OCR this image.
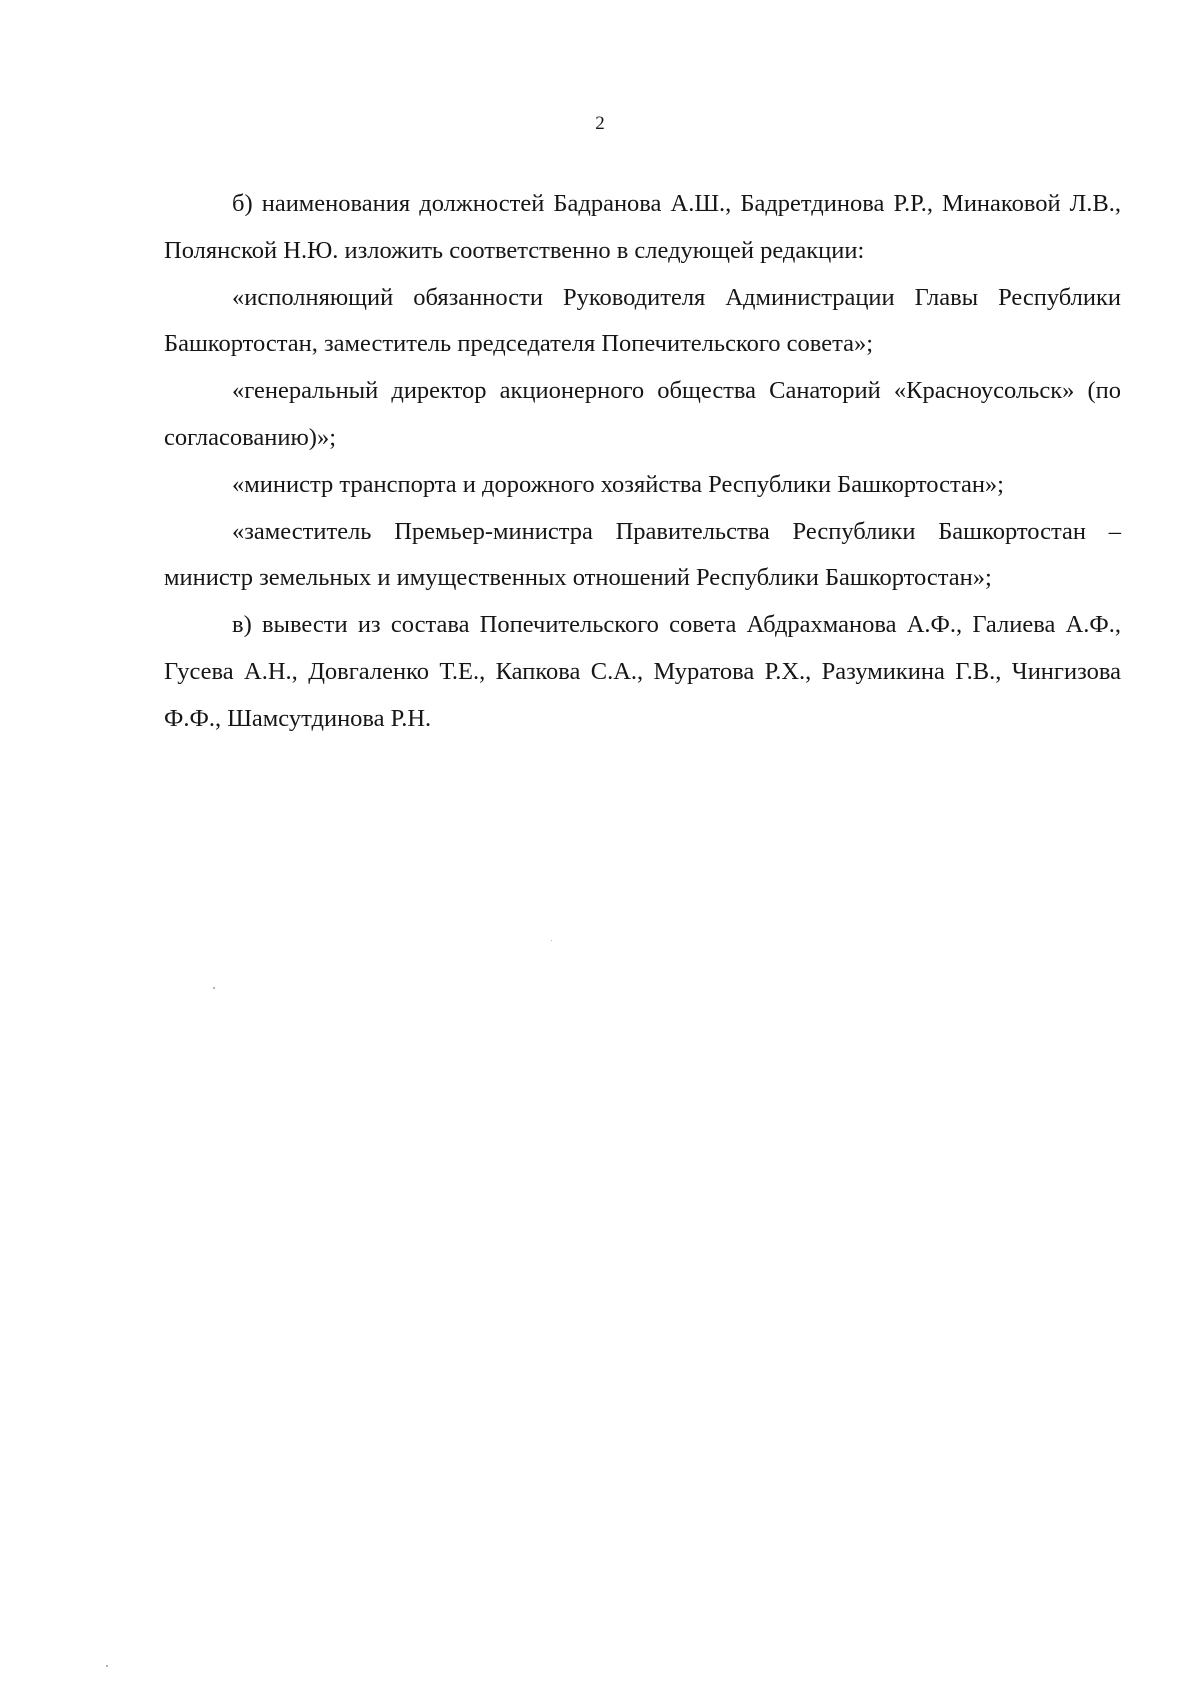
2

б) наименования должностей Бадранова А.Ш., Бадретдинова Р.Р., Минаковой Л.В., Полянской Н.Ю. изложить соответственно в следующей редакции:

«исполняющий обязанности Руководителя Администрации Главы Республики Башкортостан, заместитель председателя Попечительского совета»;

«генеральный директор акционерного общества Санаторий «Красноусольск» (по согласованию)»;

«министр транспорта и дорожного хозяйства Республики Башкортостан»;

«заместитель Премьер-министра Правительства Республики Башкортостан – министр земельных и имущественных отношений Республики Башкортостан»;

в) вывести из состава Попечительского совета Абдрахманова А.Ф., Галиева А.Ф., Гусева А.Н., Довгаленко Т.Е., Капкова С.А., Муратова Р.Х., Разумикина Г.В., Чингизова Ф.Ф., Шамсутдинова Р.Н.
